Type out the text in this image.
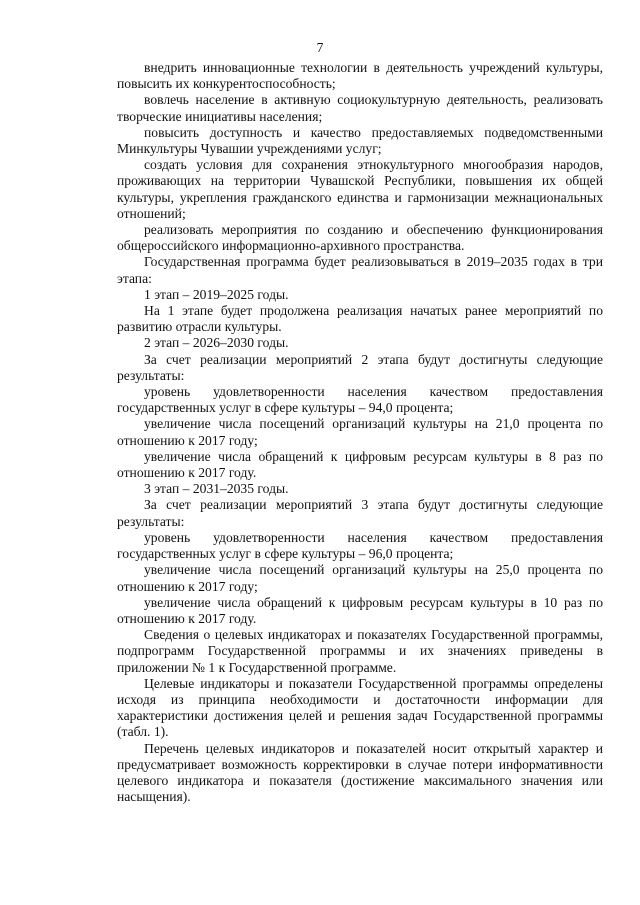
7

внедрить инновационные технологии в деятельность учреждений культуры, повысить их конкурентоспособность;

вовлечь население в активную социокультурную деятельность, реализовать творческие инициативы населения;

повысить доступность и качество предоставляемых подведомственными Минкультуры Чувашии учреждениями услуг;

создать условия для сохранения этнокультурного многообразия народов, проживающих на территории Чувашской Республики, повышения их общей культуры, укрепления гражданского единства и гармонизации межнациональных отношений;

реализовать мероприятия по созданию и обеспечению функционирования общероссийского информационно-архивного пространства.

Государственная программа будет реализовываться в 2019–2035 годах в три этапа:

1 этап – 2019–2025 годы.

На 1 этапе будет продолжена реализация начатых ранее мероприятий по развитию отрасли культуры.

2 этап – 2026–2030 годы.

За счет реализации мероприятий 2 этапа будут достигнуты следующие результаты:

уровень удовлетворенности населения качеством предоставления государственных услуг в сфере культуры – 94,0 процента;

увеличение числа посещений организаций культуры на 21,0 процента по отношению к 2017 году;

увеличение числа обращений к цифровым ресурсам культуры в 8 раз по отношению к 2017 году.

3 этап – 2031–2035 годы.

За счет реализации мероприятий 3 этапа будут достигнуты следующие результаты:

уровень удовлетворенности населения качеством предоставления государственных услуг в сфере культуры – 96,0 процента;

увеличение числа посещений организаций культуры на 25,0 процента по отношению к 2017 году;

увеличение числа обращений к цифровым ресурсам культуры в 10 раз по отношению к 2017 году.

Сведения о целевых индикаторах и показателях Государственной программы, подпрограмм Государственной программы и их значениях приведены в приложении № 1 к Государственной программе.

Целевые индикаторы и показатели Государственной программы определены исходя из принципа необходимости и достаточности информации для характеристики достижения целей и решения задач Государственной программы (табл. 1).

Перечень целевых индикаторов и показателей носит открытый характер и предусматривает возможность корректировки в случае потери информативности целевого индикатора и показателя (достижение максимального значения или насыщения).
